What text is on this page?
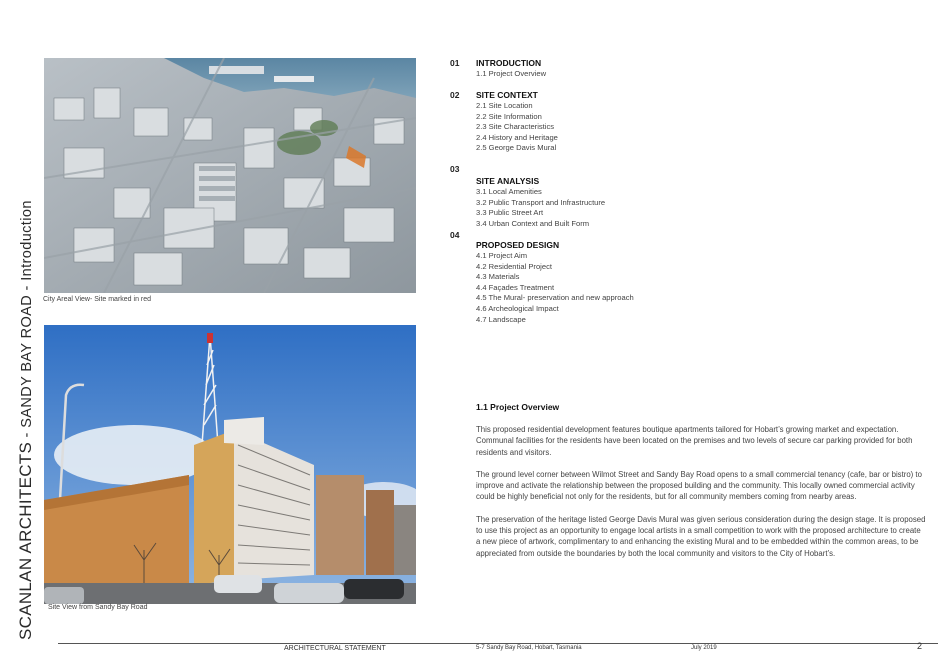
SCANLAN ARCHITECTS - SANDY BAY ROAD - Introduction
City Areal View- Site marked in red
Site View from Sandy Bay Road
01 INTRODUCTION
1.1 Project Overview
02 SITE CONTEXT
2.1 Site Location
2.2 Site Information
2.3 Site Characteristics
2.4 History and Heritage
2.5 George Davis Mural
03
SITE ANALYSIS
3.1 Local Amenities
3.2 Public Transport and Infrastructure
3.3 Public Street Art
3.4 Urban Context and Built Form
04
PROPOSED DESIGN
4.1 Project Aim
4.2 Residential Project
4.3 Materials
4.4 Façades Treatment
4.5 The Mural- preservation and new approach
4.6 Archeological Impact
4.7 Landscape
1.1 Project Overview

This proposed residential development features boutique apartments tailored for Hobart’s growing market and expectation. Communal facilities for the residents have been located on the premises and two levels of secure car parking provided for both residents and visitors.

The ground level corner between Wilmot Street and Sandy Bay Road opens to a small commercial tenancy (cafe, bar or bistro) to improve and activate the relationship between the proposed building and the community. This locally owned commercial activity could be highly beneficial not only for the residents, but for all community members coming from nearby areas.

The preservation of the heritage listed George Davis Mural was given serious consideration during the design stage. It is proposed to use this project as an opportunity to engage local artists in a small competition to work with the proposed architecture to create a new piece of artwork, complimentary to and enhancing the existing Mural and to be embedded within the common areas, to be appreciated from outside the boundaries by both the local community and visitors to the City of Hobart’s.

ARCHITECTURAL STATEMENT	5-7 Sandy Bay Road, Hobart, Tasmania	July 2019	2
